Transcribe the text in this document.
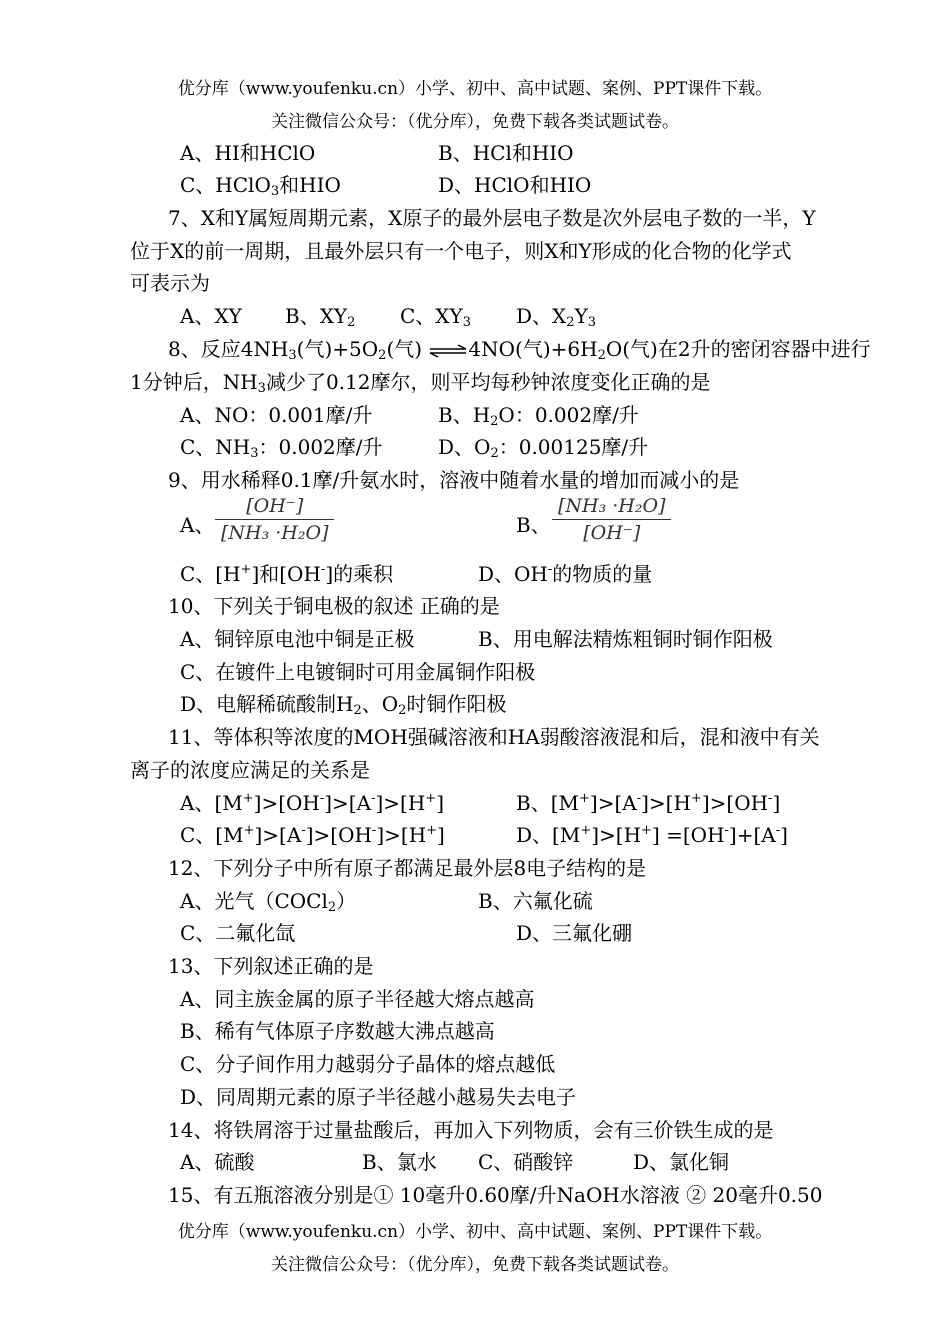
优分库（www.youfenku.cn）小学、初中、高中试题、案例、PPT课件下载。
关注微信公众号：（优分库），免费下载各类试题试卷。
A、HI和HClO	B、HCl和HIO
C、HClO$_3$和HIO	D、HClO和HIO
7、X和Y属短周期元素，X原子的最外层电子数是次外层电子数的一半，Y
位于X的前一周期，且最外层只有一个电子，则X和Y形成的化合物的化学式
可表示为
A、XY B、$XY_2$ C、$XY_3$ D、$X_2Y_3$
8、反应$4NH_3$(气)$+5O_2$(气) ⇌4NO(气)$+6H_2O$(气)在2升的密闭容器中进行
1分钟后，$NH_3$减少了0.12摩尔，则平均每秒钟浓度变化正确的是
A、NO：0.001摩/升	B、$H_2O$：0.002摩/升
C、$NH_3$：0.002摩/升	D、$O_2$：0.00125摩/升
9、用水稀释0.1摩/升氨水时，溶液中随着水量的增加而减小的是
A、
[OH⁻]
[NH₃ ·H₂O]	B、
[NH₃ ·H₂O]
[OH⁻]
C、[H+]和[OH-]的乘积	D、OH-的物质的量
10、下列关于铜电极的叙述 正确的是
A、铜锌原电池中铜是正极	B、用电解法精炼粗铜时铜作阳极
C、在镀件上电镀铜时可用金属铜作阳极
D、电解稀硫酸制$H_2$、$O_2$时铜作阳极
11、等体积等浓度的MOH强碱溶液和HA弱酸溶液混和后，混和液中有关
离子的浓度应满足的关系是
A、[M+]>[OH-]>[A-]>[H+]	B、[M+]>[A-]>[H+]>[OH-]
C、[M+]>[A-]>[OH-]>[H+]	D、[M+]>[H+] =[OH-]+[A-]
12、下列分子中所有原子都满足最外层8电子结构的是
A、光气（COCl$_2$）	B、六氟化硫
C、二氟化氙	D、三氟化硼
13、下列叙述正确的是
A、同主族金属的原子半径越大熔点越高
B、稀有气体原子序数越大沸点越高
C、分子间作用力越弱分子晶体的熔点越低
D、同周期元素的原子半径越小越易失去电子
14、将铁屑溶于过量盐酸后，再加入下列物质，会有三价铁生成的是
A、硫酸	B、氯水 C、硝酸锌	D、氯化铜
15、有五瓶溶液分别是① 10毫升0.60摩/升NaOH水溶液 ② 20毫升0.50
优分库（www.youfenku.cn）小学、初中、高中试题、案例、PPT课件下载。
关注微信公众号：（优分库），免费下载各类试题试卷。
